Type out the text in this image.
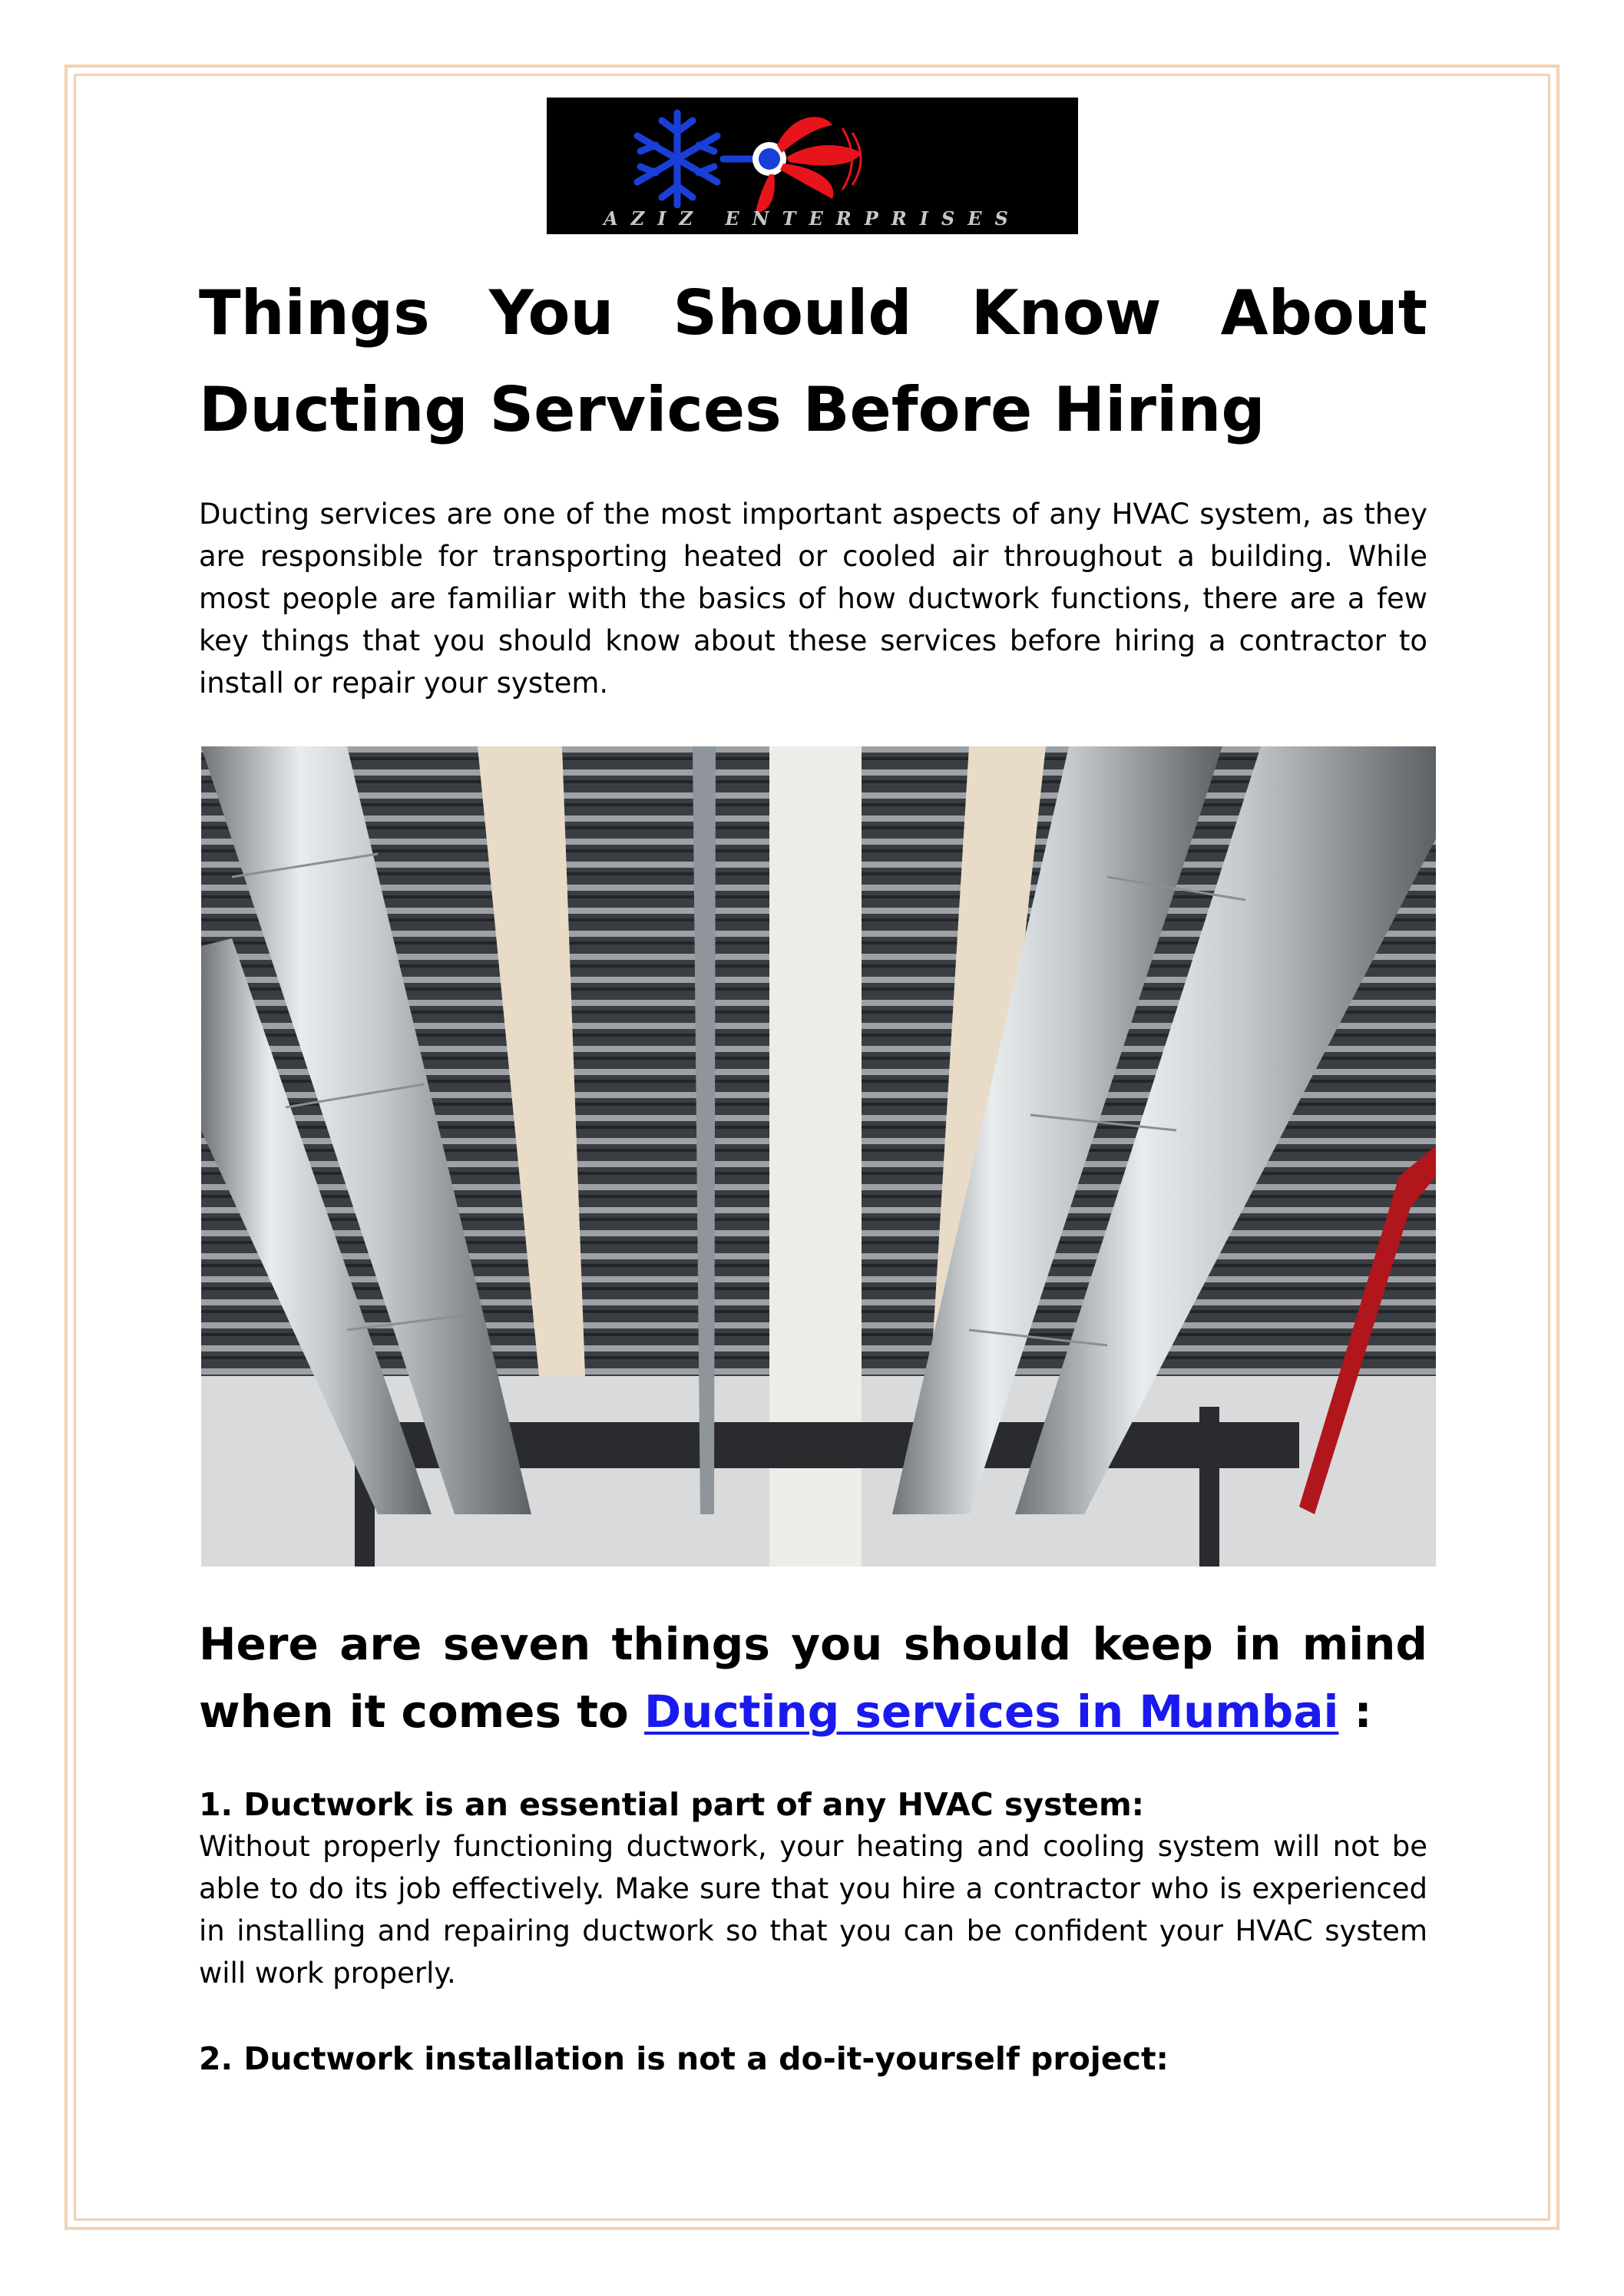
AZIZ ENTERPRISES
Things You Should Know About Ducting Services Before Hiring

Ducting services are one of the most important aspects of any HVAC system, as they are responsible for transporting heated or cooled air throughout a building. While most people are familiar with the basics of how ductwork functions, there are a few key things that you should know about these services before hiring a contractor to install or repair your system.

Here are seven things you should keep in mind when it comes to Ducting services in Mumbai :
1. Ductwork is an essential part of any HVAC system:

Without properly functioning ductwork, your heating and cooling system will not be able to do its job effectively. Make sure that you hire a contractor who is experienced in installing and repairing ductwork so that you can be confident your HVAC system will work properly.

2. Ductwork installation is not a do-it-yourself project:
